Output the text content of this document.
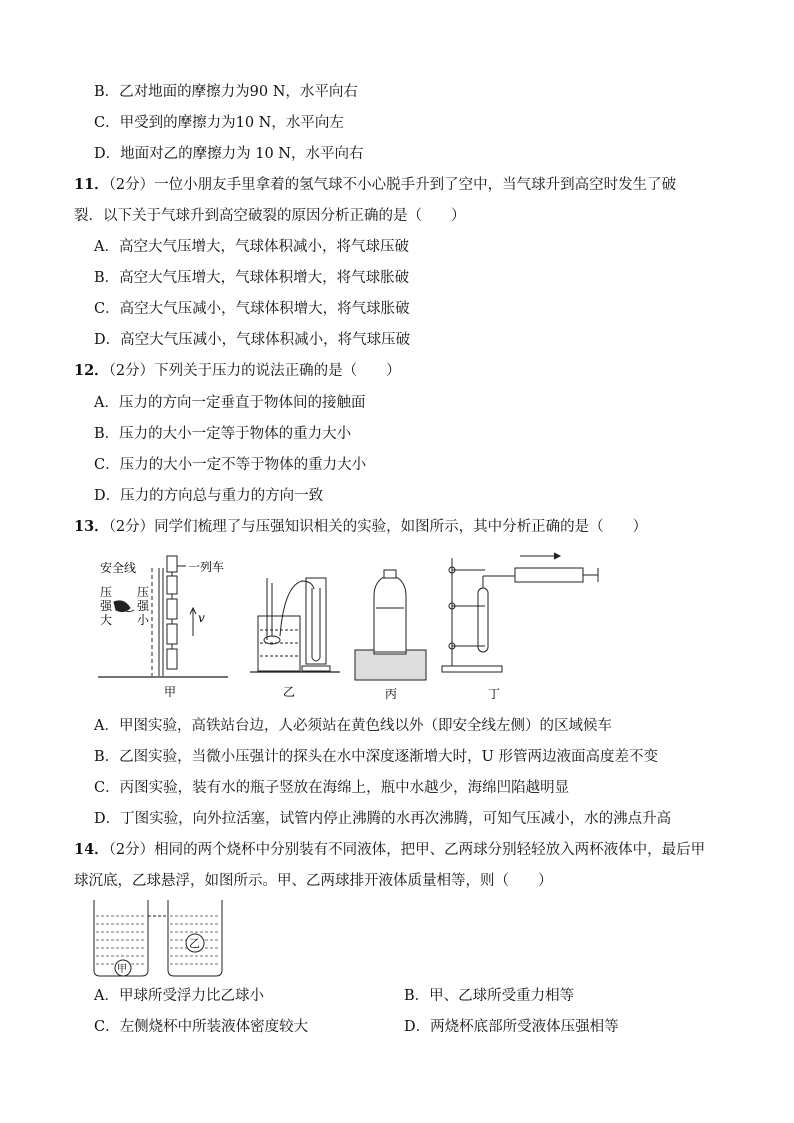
B．乙对地面的摩擦力为90 N，水平向右
C．甲受到的摩擦力为10 N，水平向左
D．地面对乙的摩擦力为 10 N，水平向右
11．（2分）一位小朋友手里拿着的氢气球不小心脱手升到了空中，当气球升到高空时发生了破
裂．以下关于气球升到高空破裂的原因分析正确的是（　　）
A．高空大气压增大，气球体积减小，将气球压破
B．高空大气压增大，气球体积增大，将气球胀破
C．高空大气压减小，气球体积增大，将气球胀破
D．高空大气压减小，气球体积减小，将气球压破
12．（2分）下列关于压力的说法正确的是（　　）
A．压力的方向一定垂直于物体间的接触面
B．压力的大小一定等于物体的重力大小
C．压力的大小一定不等于物体的重力大小
D．压力的方向总与重力的方向一致
13．（2分）同学们梳理了与压强知识相关的实验，如图所示，其中分析正确的是（　　）
安全线	一列车
压
强
大
压
强
小	v
甲	乙	丙	丁
A．甲图实验，高铁站台边，人必须站在黄色线以外（即安全线左侧）的区域候车
B．乙图实验，当微小压强计的探头在水中深度逐渐增大时，U 形管两边液面高度差不变
C．丙图实验，装有水的瓶子竖放在海绵上，瓶中水越少，海绵凹陷越明显
D．丁图实验，向外拉活塞，试管内停止沸腾的水再次沸腾，可知气压减小，水的沸点升高
14．（2分）相同的两个烧杯中分别装有不同液体，把甲、乙两球分别轻轻放入两杯液体中，最后甲
球沉底，乙球悬浮，如图所示。甲、乙两球排开液体质量相等，则（　　）
甲
乙
A．甲球所受浮力比乙球小	B．甲、乙球所受重力相等
C．左侧烧杯中所装液体密度较大	D．两烧杯底部所受液体压强相等
